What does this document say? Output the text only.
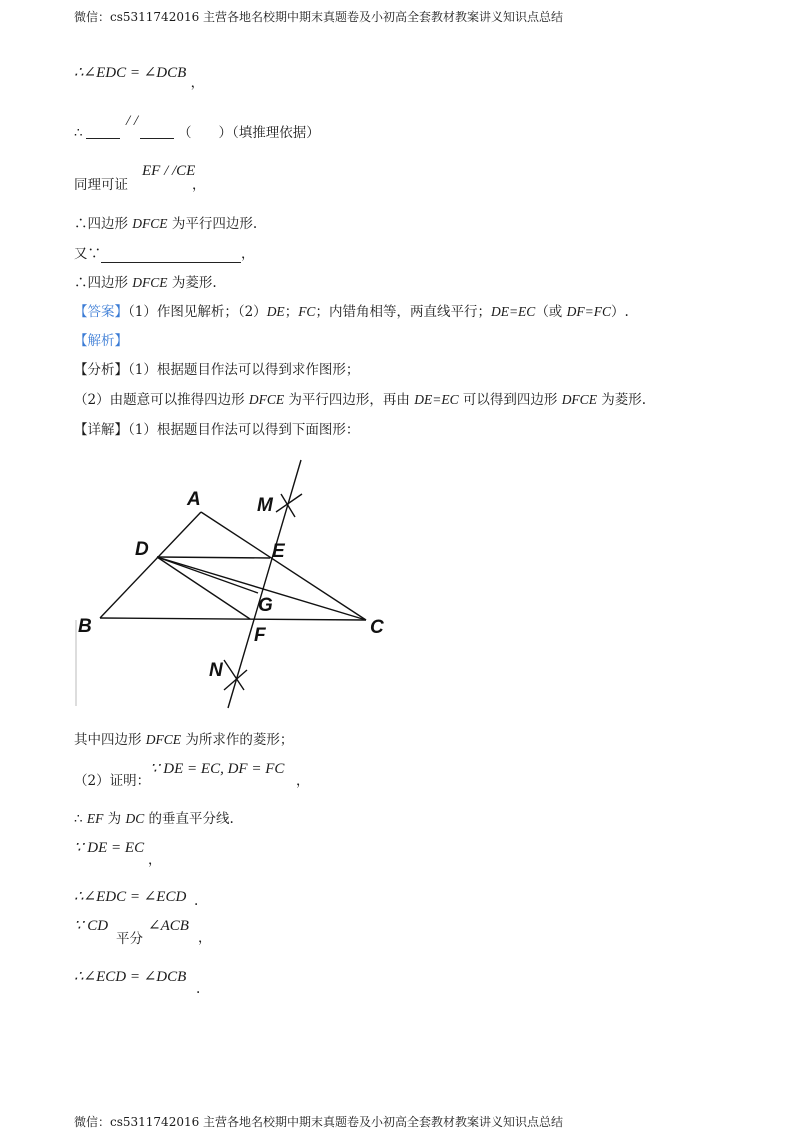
微信：cs5311742016 主营各地名校期中期末真题卷及小初高全套教材教案讲义知识点总结
∴∠EDC = ∠DCB ，
∴
/ /
（　　）（填推理依据）
同理可证
EF / /CE
，
∴四边形 DFCE 为平行四边形.
又∵	，
∴四边形 DFCE 为菱形.
【答案】（1）作图见解析；（2）DE；FC；内错角相等，两直线平行；DE=EC（或 DF=FC）.
【解析】
【分析】（1）根据题目作法可以得到求作图形；
（2）由题意可以推得四边形 DFCE 为平行四边形，再由 DE=EC 可以得到四边形 DFCE 为菱形.
【详解】（1）根据题目作法可以得到下面图形：
A	M
D	E
G
B	C
F
N
其中四边形 DFCE 为所求作的菱形；
（2）证明：
∵ DE = EC, DF = FC
，
∴ EF 为 DC 的垂直平分线.
∵ DE = EC
，
∴∠EDC = ∠ECD .
∵ CD
平分
∠ACB
，
∴∠ECD = ∠DCB
.
微信：cs5311742016 主营各地名校期中期末真题卷及小初高全套教材教案讲义知识点总结
